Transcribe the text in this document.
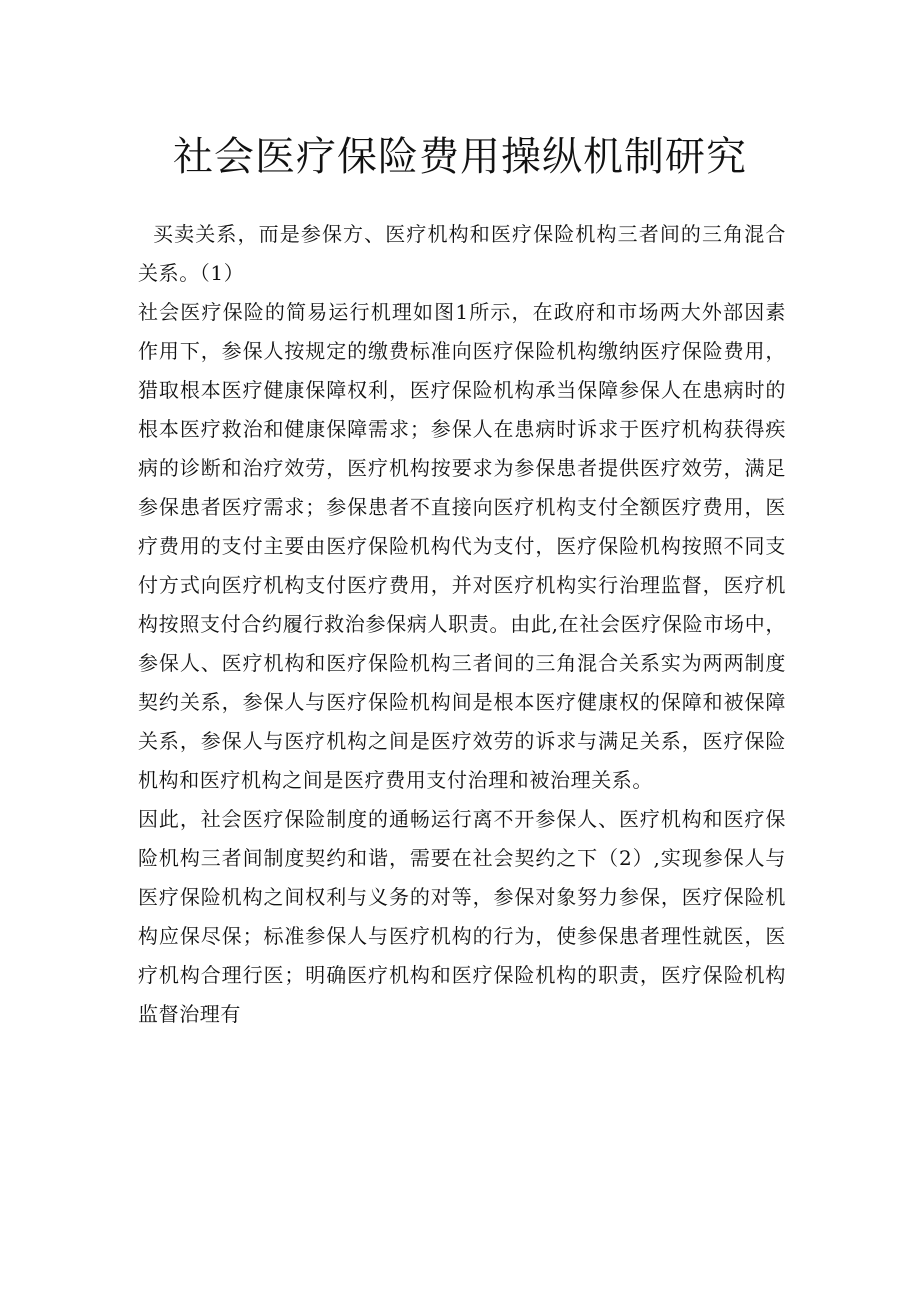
社会医疗保险费用操纵机制研究

买卖关系，而是参保方、医疗机构和医疗保险机构三者间的三角混合关系。（1）

社会医疗保险的简易运行机理如图1所示，在政府和市场两大外部因素作用下，参保人按规定的缴费标准向医疗保险机构缴纳医疗保险费用，猎取根本医疗健康保障权利，医疗保险机构承当保障参保人在患病时的根本医疗救治和健康保障需求；参保人在患病时诉求于医疗机构获得疾病的诊断和治疗效劳，医疗机构按要求为参保患者提供医疗效劳，满足参保患者医疗需求；参保患者不直接向医疗机构支付全额医疗费用，医疗费用的支付主要由医疗保险机构代为支付，医疗保险机构按照不同支付方式向医疗机构支付医疗费用，并对医疗机构实行治理监督，医疗机构按照支付合约履行救治参保病人职责。由此,在社会医疗保险市场中，参保人、医疗机构和医疗保险机构三者间的三角混合关系实为两两制度契约关系，参保人与医疗保险机构间是根本医疗健康权的保障和被保障关系，参保人与医疗机构之间是医疗效劳的诉求与满足关系，医疗保险机构和医疗机构之间是医疗费用支付治理和被治理关系。

因此，社会医疗保险制度的通畅运行离不开参保人、医疗机构和医疗保险机构三者间制度契约和谐，需要在社会契约之下（2）,实现参保人与医疗保险机构之间权利与义务的对等，参保对象努力参保，医疗保险机构应保尽保；标准参保人与医疗机构的行为，使参保患者理性就医，医疗机构合理行医；明确医疗机构和医疗保险机构的职责，医疗保险机构监督治理有
